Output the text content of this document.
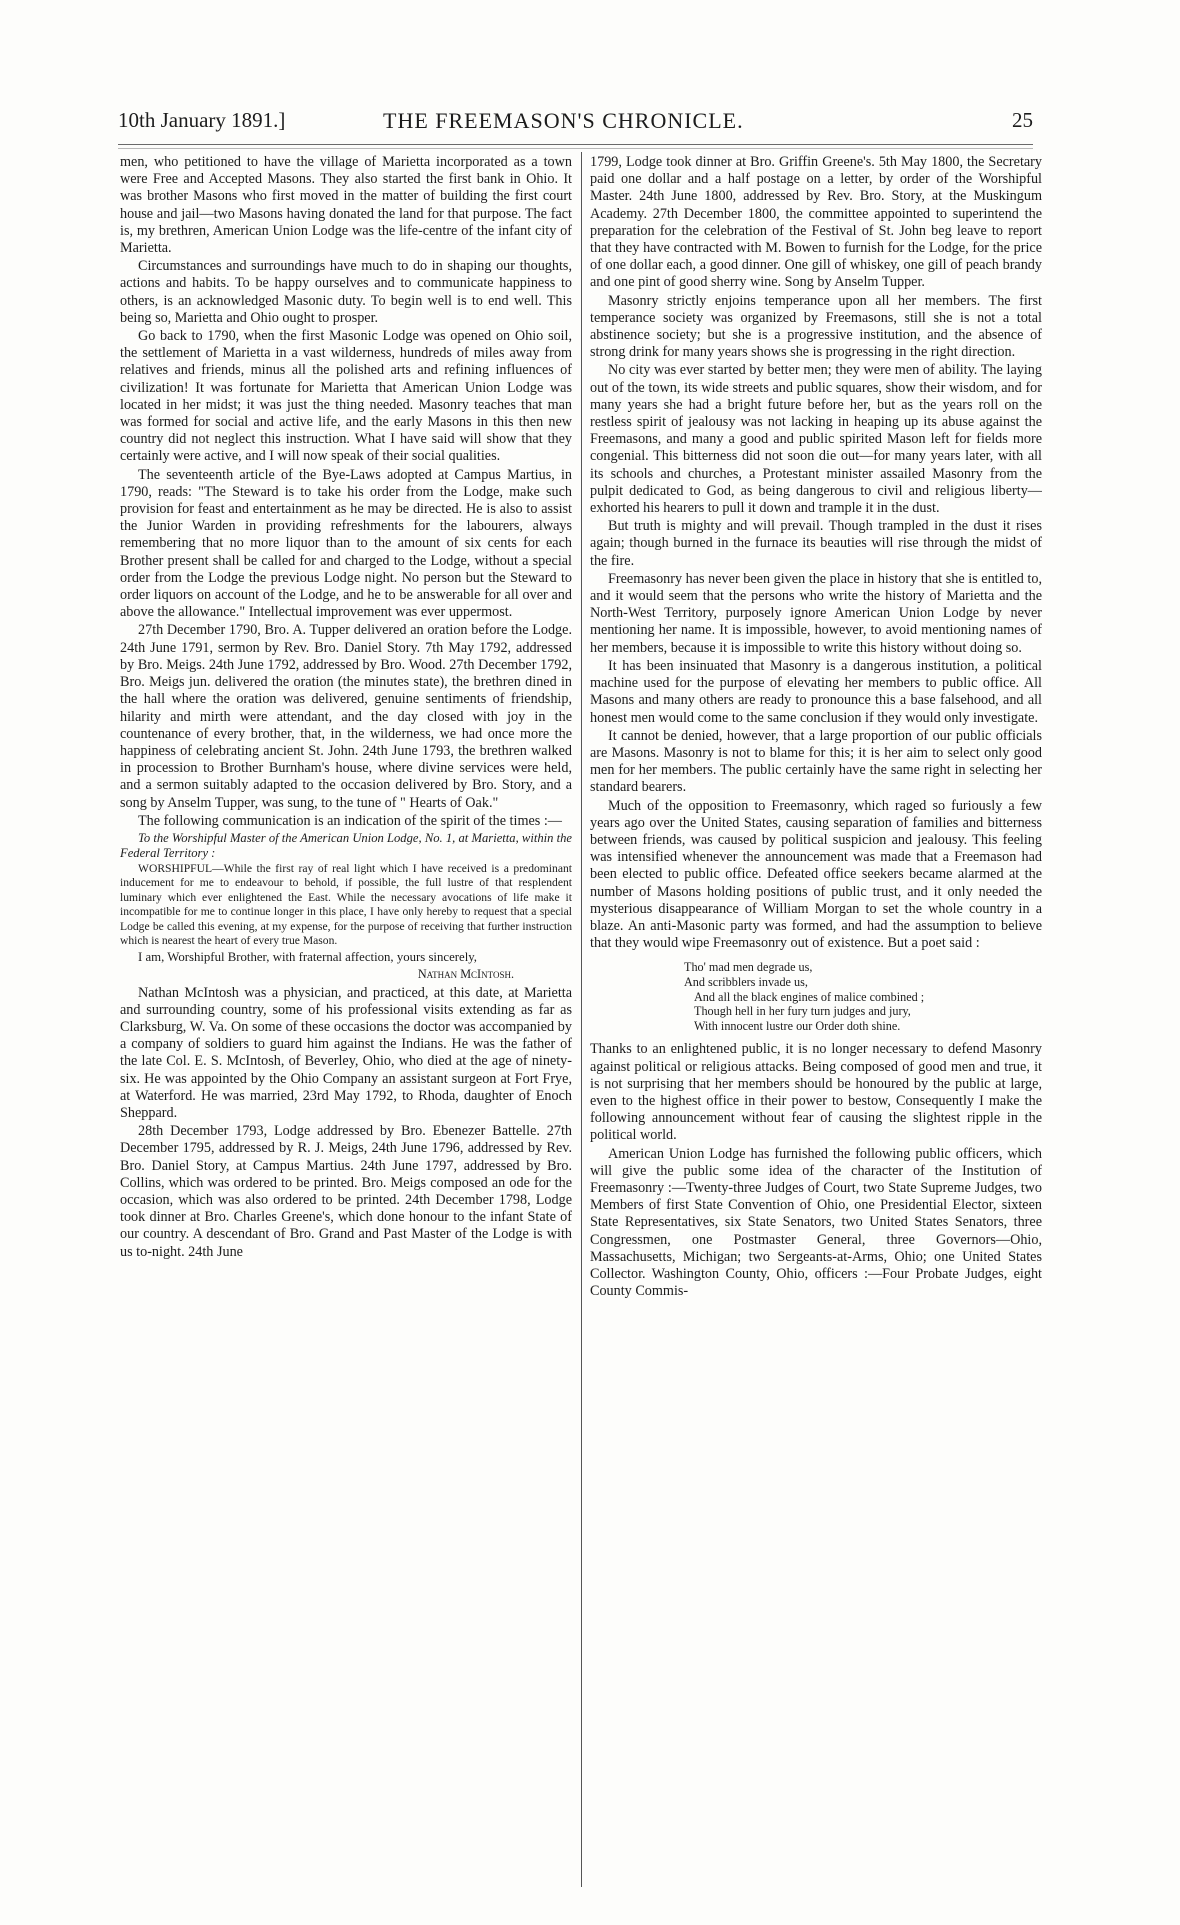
10th January 1891.]	THE FREEMASON'S CHRONICLE.	25

men, who petitioned to have the village of Marietta incorporated as a town were Free and Accepted Masons. They also started the first bank in Ohio. It was brother Masons who first moved in the matter of building the first court house and jail—two Masons having donated the land for that purpose. The fact is, my brethren, American Union Lodge was the life-centre of the infant city of Marietta.

Circumstances and surroundings have much to do in shaping our thoughts, actions and habits. To be happy ourselves and to communicate happiness to others, is an acknowledged Masonic duty. To begin well is to end well. This being so, Marietta and Ohio ought to prosper.

Go back to 1790, when the first Masonic Lodge was opened on Ohio soil, the settlement of Marietta in a vast wilderness, hundreds of miles away from relatives and friends, minus all the polished arts and refining influences of civilization! It was fortunate for Marietta that American Union Lodge was located in her midst; it was just the thing needed. Masonry teaches that man was formed for social and active life, and the early Masons in this then new country did not neglect this instruction. What I have said will show that they certainly were active, and I will now speak of their social qualities.

The seventeenth article of the Bye-Laws adopted at Campus Martius, in 1790, reads: "The Steward is to take his order from the Lodge, make such provision for feast and entertainment as he may be directed. He is also to assist the Junior Warden in providing refreshments for the labourers, always remembering that no more liquor than to the amount of six cents for each Brother present shall be called for and charged to the Lodge, without a special order from the Lodge the previous Lodge night. No person but the Steward to order liquors on account of the Lodge, and he to be answerable for all over and above the allowance." Intellectual improvement was ever uppermost.

27th December 1790, Bro. A. Tupper delivered an oration before the Lodge. 24th June 1791, sermon by Rev. Bro. Daniel Story. 7th May 1792, addressed by Bro. Meigs. 24th June 1792, addressed by Bro. Wood. 27th December 1792, Bro. Meigs jun. delivered the oration (the minutes state), the brethren dined in the hall where the oration was delivered, genuine sentiments of friendship, hilarity and mirth were attendant, and the day closed with joy in the countenance of every brother, that, in the wilderness, we had once more the happiness of celebrating ancient St. John. 24th June 1793, the brethren walked in procession to Brother Burnham's house, where divine services were held, and a sermon suitably adapted to the occasion delivered by Bro. Story, and a song by Anselm Tupper, was sung, to the tune of " Hearts of Oak."

The following communication is an indication of the spirit of the times :—

To the Worshipful Master of the American Union Lodge, No. 1, at Marietta, within the Federal Territory :

WORSHIPFUL—While the first ray of real light which I have received is a predominant inducement for me to endeavour to behold, if possible, the full lustre of that resplendent luminary which ever enlightened the East. While the necessary avocations of life make it incompatible for me to continue longer in this place, I have only hereby to request that a special Lodge be called this evening, at my expense, for the purpose of receiving that further instruction which is nearest the heart of every true Mason.

I am, Worshipful Brother, with fraternal affection, yours sincerely,

Nathan McIntosh.

Nathan McIntosh was a physician, and practiced, at this date, at Marietta and surrounding country, some of his professional visits extending as far as Clarksburg, W. Va. On some of these occasions the doctor was accompanied by a company of soldiers to guard him against the Indians. He was the father of the late Col. E. S. McIntosh, of Beverley, Ohio, who died at the age of ninety-six. He was appointed by the Ohio Company an assistant surgeon at Fort Frye, at Waterford. He was married, 23rd May 1792, to Rhoda, daughter of Enoch Sheppard.

28th December 1793, Lodge addressed by Bro. Ebenezer Battelle. 27th December 1795, addressed by R. J. Meigs, 24th June 1796, addressed by Rev. Bro. Daniel Story, at Campus Martius. 24th June 1797, addressed by Bro. Collins, which was ordered to be printed. Bro. Meigs composed an ode for the occasion, which was also ordered to be printed. 24th December 1798, Lodge took dinner at Bro. Charles Greene's, which done honour to the infant State of our country. A descendant of Bro. Grand and Past Master of the Lodge is with us to-night. 24th June

1799, Lodge took dinner at Bro. Griffin Greene's. 5th May 1800, the Secretary paid one dollar and a half postage on a letter, by order of the Worshipful Master. 24th June 1800, addressed by Rev. Bro. Story, at the Muskingum Academy. 27th December 1800, the committee appointed to superintend the preparation for the celebration of the Festival of St. John beg leave to report that they have contracted with M. Bowen to furnish for the Lodge, for the price of one dollar each, a good dinner. One gill of whiskey, one gill of peach brandy and one pint of good sherry wine. Song by Anselm Tupper.

Masonry strictly enjoins temperance upon all her members. The first temperance society was organized by Freemasons, still she is not a total abstinence society; but she is a progressive institution, and the absence of strong drink for many years shows she is progressing in the right direction.

No city was ever started by better men; they were men of ability. The laying out of the town, its wide streets and public squares, show their wisdom, and for many years she had a bright future before her, but as the years roll on the restless spirit of jealousy was not lacking in heaping up its abuse against the Freemasons, and many a good and public spirited Mason left for fields more congenial. This bitterness did not soon die out—for many years later, with all its schools and churches, a Protestant minister assailed Masonry from the pulpit dedicated to God, as being dangerous to civil and religious liberty—exhorted his hearers to pull it down and trample it in the dust.

But truth is mighty and will prevail. Though trampled in the dust it rises again; though burned in the furnace its beauties will rise through the midst of the fire.

Freemasonry has never been given the place in history that she is entitled to, and it would seem that the persons who write the history of Marietta and the North-West Territory, purposely ignore American Union Lodge by never mentioning her name. It is impossible, however, to avoid mentioning names of her members, because it is impossible to write this history without doing so.

It has been insinuated that Masonry is a dangerous institution, a political machine used for the purpose of elevating her members to public office. All Masons and many others are ready to pronounce this a base falsehood, and all honest men would come to the same conclusion if they would only investigate.

It cannot be denied, however, that a large proportion of our public officials are Masons. Masonry is not to blame for this; it is her aim to select only good men for her members. The public certainly have the same right in selecting her standard bearers.

Much of the opposition to Freemasonry, which raged so furiously a few years ago over the United States, causing separation of families and bitterness between friends, was caused by political suspicion and jealousy. This feeling was intensified whenever the announcement was made that a Freemason had been elected to public office. Defeated office seekers became alarmed at the number of Masons holding positions of public trust, and it only needed the mysterious disappearance of William Morgan to set the whole country in a blaze. An anti-Masonic party was formed, and had the assumption to believe that they would wipe Freemasonry out of existence. But a poet said :

Tho' mad men degrade us,
And scribblers invade us,
And all the black engines of malice combined ;
Though hell in her fury turn judges and jury,
With innocent lustre our Order doth shine.

Thanks to an enlightened public, it is no longer necessary to defend Masonry against political or religious attacks. Being composed of good men and true, it is not surprising that her members should be honoured by the public at large, even to the highest office in their power to bestow, Consequently I make the following announcement without fear of causing the slightest ripple in the political world.

American Union Lodge has furnished the following public officers, which will give the public some idea of the character of the Institution of Freemasonry :—Twenty-three Judges of Court, two State Supreme Judges, two Members of first State Convention of Ohio, one Presidential Elector, sixteen State Representatives, six State Senators, two United States Senators, three Congressmen, one Postmaster General, three Governors—Ohio, Massachusetts, Michigan; two Sergeants-at-Arms, Ohio; one United States Collector. Washington County, Ohio, officers :—Four Probate Judges, eight County Commis-
